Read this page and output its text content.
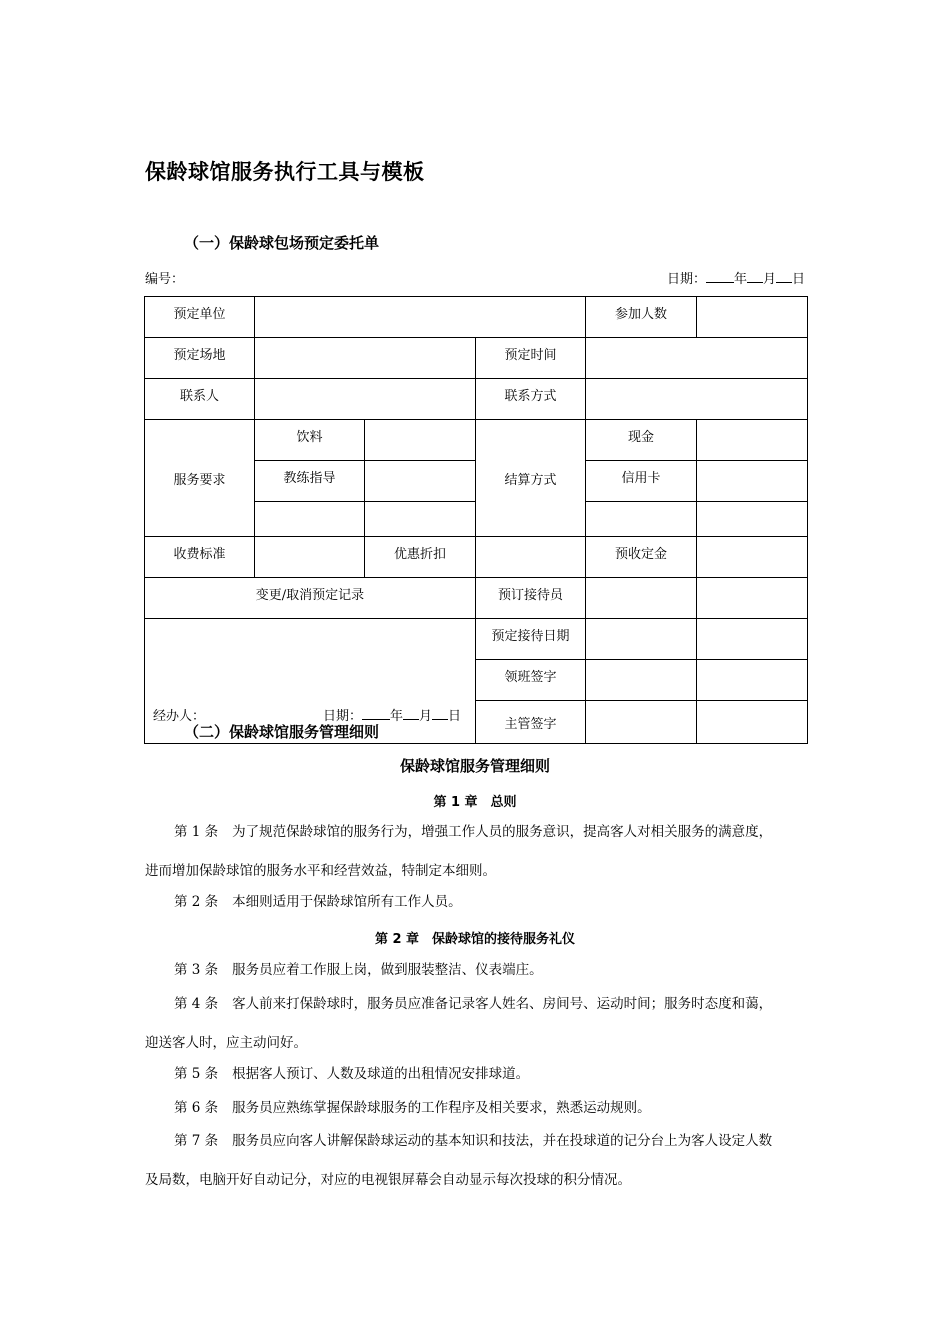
保龄球馆服务执行工具与模板
（一）保龄球包场预定委托单
编号：	日期： 年 月 日
预定单位				参加人数	
预定场地			预定时间		
联系人			联系方式		
服务要求	饮料		结算方式	现金	
	教练指导			信用卡	

收费标准		优惠折扣		预收定金	
变更/取消预定记录			预订接待员		

经办人： 日期： 年 月 日			预定接待日期		
			领班签字		
			主管签字		
（二）保龄球馆服务管理细则
保龄球馆服务管理细则
第 1 章　总则
第 1 条 为了规范保龄球馆的服务行为，增强工作人员的服务意识，提高客人对相关服务的满意度，
进而增加保龄球馆的服务水平和经营效益，特制定本细则。
第 2 条 本细则适用于保龄球馆所有工作人员。
第 2 章　保龄球馆的接待服务礼仪
第 3 条 服务员应着工作服上岗，做到服装整洁、仪表端庄。
第 4 条 客人前来打保龄球时，服务员应准备记录客人姓名、房间号、运动时间；服务时态度和蔼，
迎送客人时，应主动问好。
第 5 条 根据客人预订、人数及球道的出租情况安排球道。
第 6 条 服务员应熟练掌握保龄球服务的工作程序及相关要求，熟悉运动规则。
第 7 条 服务员应向客人讲解保龄球运动的基本知识和技法，并在投球道的记分台上为客人设定人数
及局数，电脑开好自动记分，对应的电视银屏幕会自动显示每次投球的积分情况。
